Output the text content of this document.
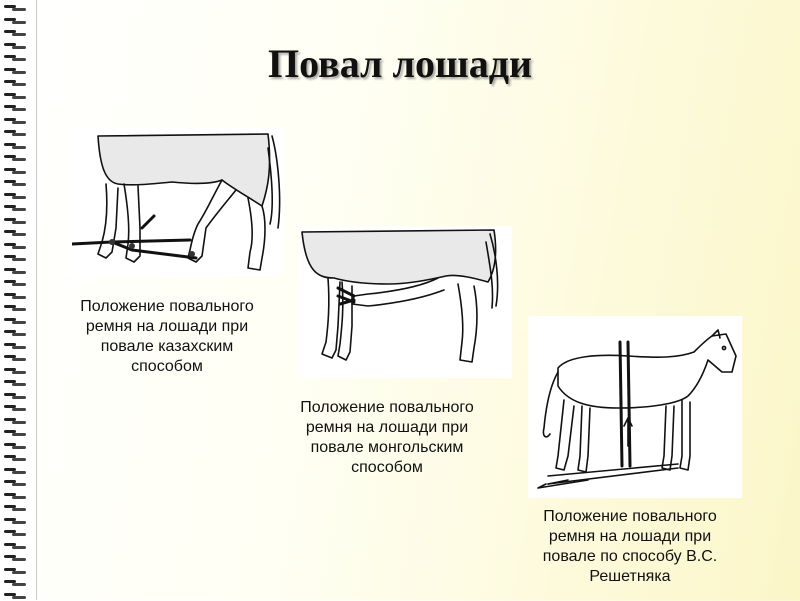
Повал лошади
Положение повального ремня на лошади при повале казахским способом
Положение повального ремня на лошади при повале монгольским способом
Положение повального ремня на лошади при повале по способу В.С. Решетняка
